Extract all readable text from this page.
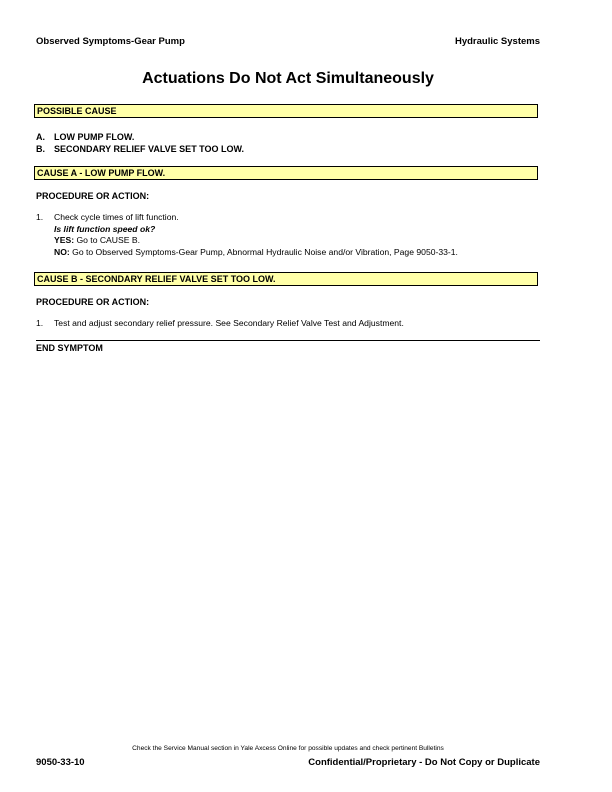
Observed Symptoms-Gear Pump	Hydraulic Systems
Actuations Do Not Act Simultaneously
POSSIBLE CAUSE
A.	LOW PUMP FLOW.
B.	SECONDARY RELIEF VALVE SET TOO LOW.
CAUSE A - LOW PUMP FLOW.
PROCEDURE OR ACTION:
1.	Check cycle times of lift function.
Is lift function speed ok?
YES: Go to CAUSE B.
NO: Go to Observed Symptoms-Gear Pump, Abnormal Hydraulic Noise and/or Vibration, Page 9050-33-1.
CAUSE B - SECONDARY RELIEF VALVE SET TOO LOW.
PROCEDURE OR ACTION:
1.	Test and adjust secondary relief pressure. See Secondary Relief Valve Test and Adjustment.
END SYMPTOM
Check the Service Manual section in Yale Axcess Online for possible updates and check pertinent Bulletins
9050-33-10	Confidential/Proprietary - Do Not Copy or Duplicate
